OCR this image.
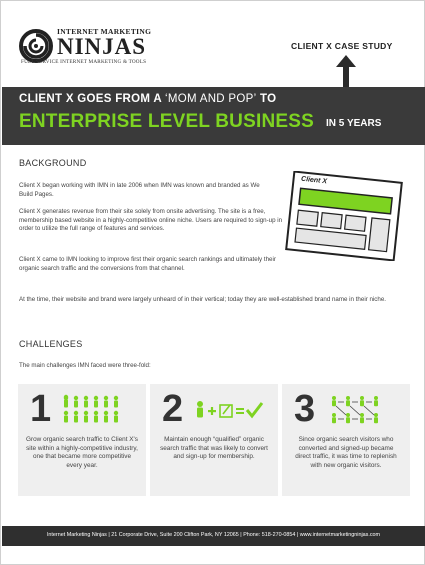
INTERNET MARKETING
NINJAS
FULL SERVICE INTERNET MARKETING & TOOLS
CLIENT X CASE STUDY
CLIENT X GOES FROM A ‘MOM AND POP’ TO
ENTERPRISE LEVEL BUSINESS IN 5 YEARS
BACKGROUND
Client X began working with IMN in late 2006 when IMN was known and branded as We Build Pages.
Client X generates revenue from their site solely from onsite advertising. The site is a free, membership based website in a highly-competitive online niche. Users are required to sign-up in order to utilize the full range of features and services.
Client X came to IMN looking to improve first their organic search rankings and ultimately their organic search traffic and the conversions from that channel.
At the time, their website and brand were largely unheard of in their vertical; today they are well-established brand name in their niche.
Client X
CHALLENGES
The main challenges IMN faced were three-fold:
1
Grow organic search traffic to Client X's site within a highly-competitive industry, one that became more competitive every year.
2
Maintain enough “qualified” organic search traffic that was likely to convert and sign-up for membership.
3
Since organic search visitors who converted and signed-up became direct traffic, it was time to replenish with new organic visitors.
Internet Marketing Ninjas | 21 Corporate Drive, Suite 200 Clifton Park, NY 12065 | Phone: 518-270-0854 | www.internetmarketingninjas.com
